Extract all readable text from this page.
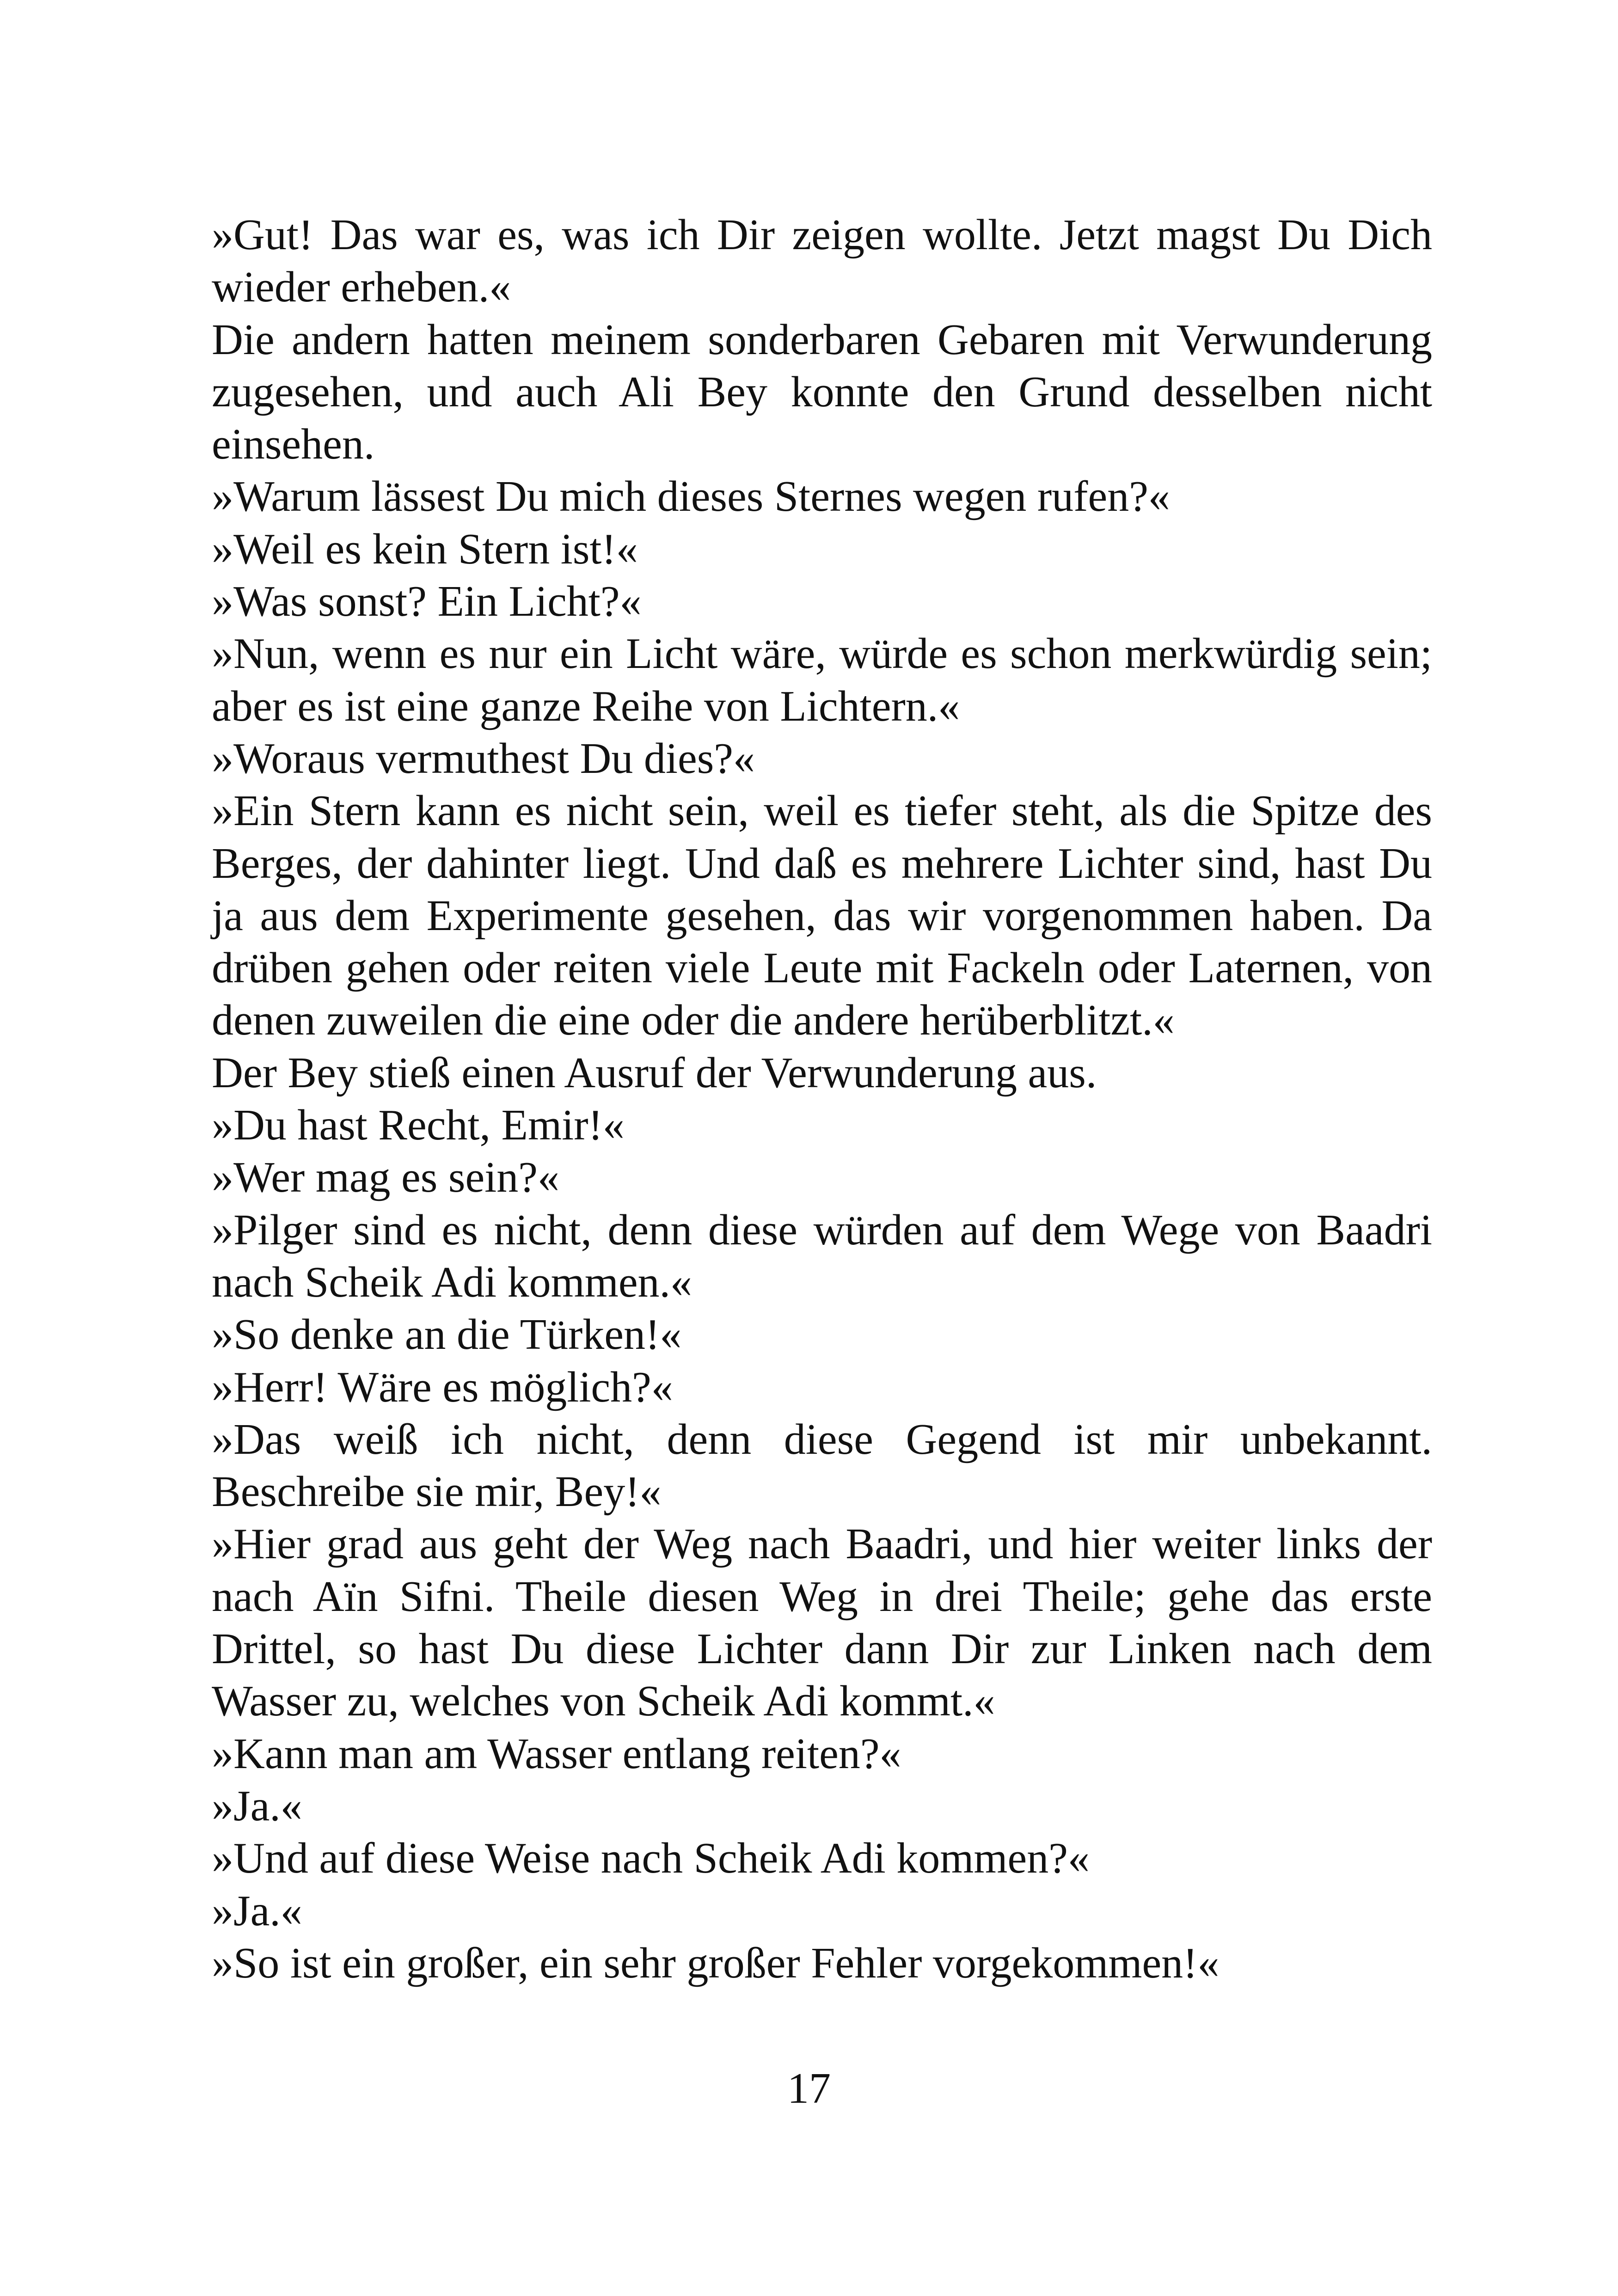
»Gut! Das war es, was ich Dir zeigen wollte. Jetzt magst Du Dich wieder erheben.«

Die andern hatten meinem sonderbaren Gebaren mit Verwunderung zugesehen, und auch Ali Bey konnte den Grund desselben nicht einsehen.

»Warum lässest Du mich dieses Sternes wegen rufen?«

»Weil es kein Stern ist!«

»Was sonst? Ein Licht?«

»Nun, wenn es nur ein Licht wäre, würde es schon merkwürdig sein; aber es ist eine ganze Reihe von Lichtern.«

»Woraus vermuthest Du dies?«

»Ein Stern kann es nicht sein, weil es tiefer steht, als die Spitze des Berges, der dahinter liegt. Und daß es mehrere Lichter sind, hast Du ja aus dem Experimente gesehen, das wir vorgenommen haben. Da drüben gehen oder reiten viele Leute mit Fackeln oder Laternen, von denen zuweilen die eine oder die andere herüberblitzt.«

Der Bey stieß einen Ausruf der Verwunderung aus.

»Du hast Recht, Emir!«

»Wer mag es sein?«

»Pilger sind es nicht, denn diese würden auf dem Wege von Baadri nach Scheik Adi kommen.«

»So denke an die Türken!«

»Herr! Wäre es möglich?«

»Das weiß ich nicht, denn diese Gegend ist mir unbekannt. Beschreibe sie mir, Bey!«

»Hier grad aus geht der Weg nach Baadri, und hier weiter links der nach Aïn Sifni. Theile diesen Weg in drei Theile; gehe das erste Drittel, so hast Du diese Lichter dann Dir zur Linken nach dem Wasser zu, welches von Scheik Adi kommt.«

»Kann man am Wasser entlang reiten?«

»Ja.«

»Und auf diese Weise nach Scheik Adi kommen?«

»Ja.«

»So ist ein großer, ein sehr großer Fehler vorgekommen!«

17
